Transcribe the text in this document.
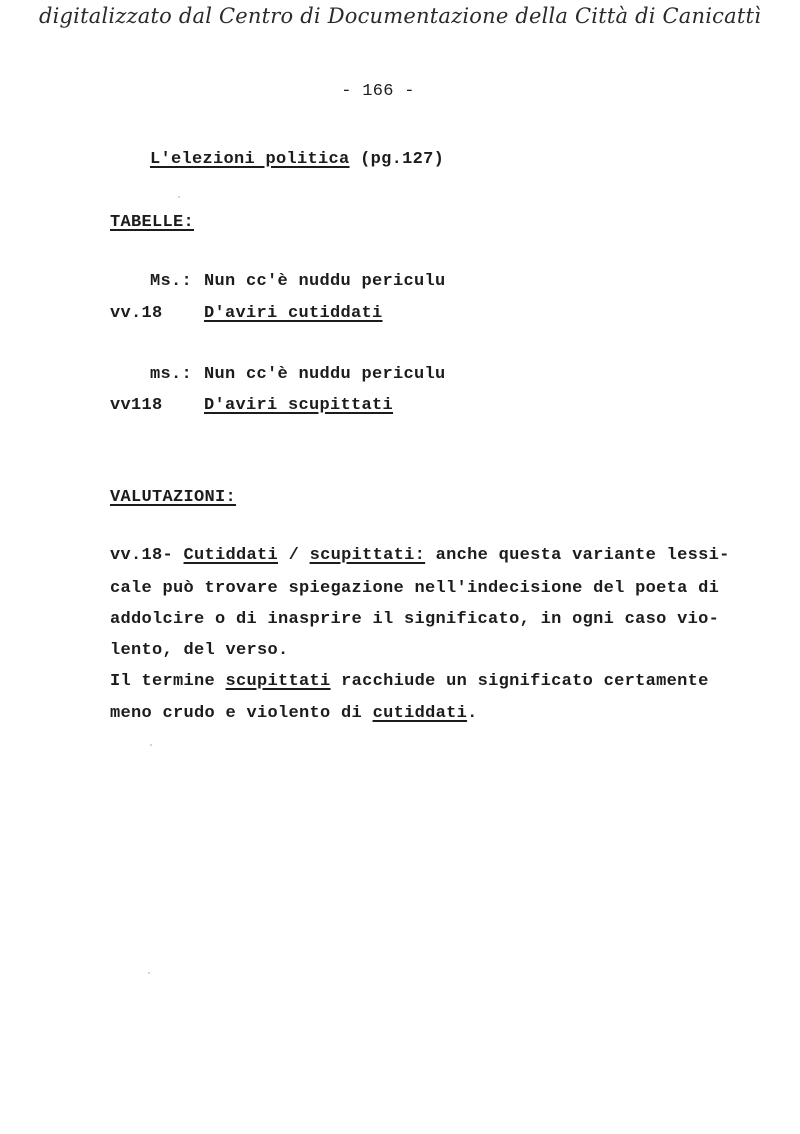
digitalizzato dal Centro di Documentazione della Città di Canicattì
- 166 -
L'elezioni politica (pg.127)
TABELLE:
Ms.: Nun cc'è nuddu periculu
vv.18 D'aviri cutiddati
ms.: Nun cc'è nuddu periculu
vv118 D'aviri scupittati
VALUTAZIONI:
vv.18- Cutiddati / scupittati: anche questa variante lessi-
cale può trovare spiegazione nell'indecisione del poeta di
addolcire o di inasprire il significato, in ogni caso vio-
lento, del verso.
Il termine scupittati racchiude un significato certamente
meno crudo e violento di cutiddati.
